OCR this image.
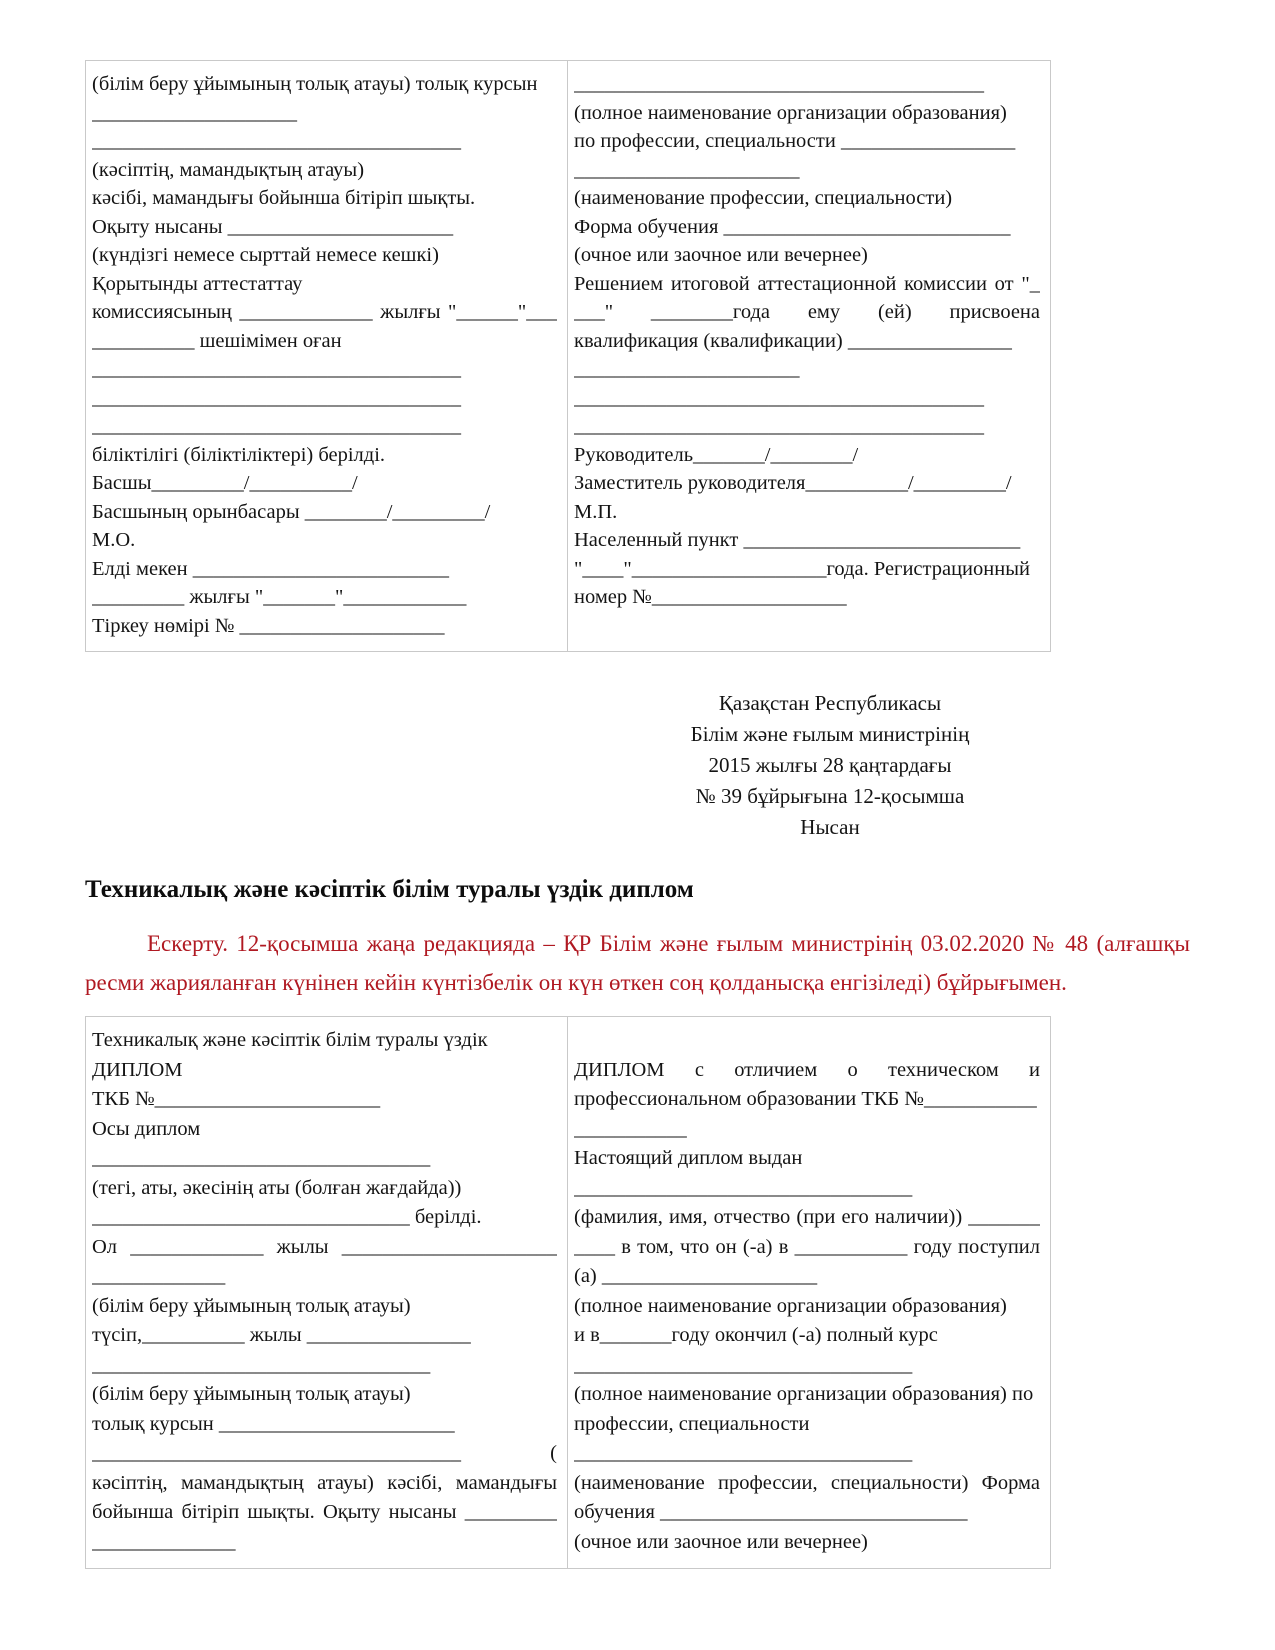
(білім беру ұйымының толық атауы) толық курсын
____________________
____________________________________
(кәсіптің, мамандықтың атауы)
кәсібі, мамандығы бойынша бітіріп шықты.
Оқыту нысаны ______________________
(күндізгі немесе сырттай немесе кешкі)
Қорытынды аттестаттау
комиссиясының _____________ жылғы "______"___
__________ шешімімен оған
____________________________________
____________________________________
____________________________________
біліктілігі (біліктіліктері) берілді.
Басшы_________/__________/
Басшының орынбасары ________/_________/
М.О.
Елді мекен _________________________
_________ жылғы "_______"____________
Тіркеу нөмірі № ____________________
________________________________________
(полное наименование организации образования)
по профессии, специальности _________________
______________________
(наименование профессии, специальности)
Форма обучения ____________________________
(очное или заочное или вечернее)
Решением итоговой аттестационной комиссии от "_
___" ________года ему (ей) присвоена
квалификация (квалификации) ________________
______________________
________________________________________
________________________________________
Руководитель_______/________/
Заместитель руководителя__________/_________/
М.П.
Населенный пункт ___________________________
"____"___________________года. Регистрационный
номер №___________________
Қазақстан Республикасы
Білім және ғылым министрінің
2015 жылғы 28 қаңтардағы
№ 39 бұйрығына 12-қосымша
Нысан
Техникалық және кәсіптік білім туралы үздік диплом
Ескерту. 12-қосымша жаңа редакцияда – ҚР Білім және ғылым министрінің 03.02.2020 № 48 (алғашқы ресми жарияланған күнінен кейін күнтізбелік он күн өткен соң қолданысқа енгізіледі) бұйрығымен.
Техникалық және кәсіптік білім туралы үздік
ДИПЛОМ
ТКБ №______________________
Осы диплом
_________________________________
(тегі, аты, әкесінің аты (болған жағдайда))
_______________________________ берілді.
Ол _____________ жылы _____________________
_____________
(білім беру ұйымының толық атауы)
түсіп,__________ жылы ________________
_________________________________
(білім беру ұйымының толық атауы)
толық курсын _______________________
____________________________________ (
кәсіптің, мамандықтың атауы) кәсібі, мамандығы
бойынша бітіріп шықты. Оқыту нысаны _________
______________

ДИПЛОМ с отличием о техническом и
профессиональном образовании ТКБ №___________
___________
Настоящий диплом выдан
_________________________________
(фамилия, имя, отчество (при его наличии)) _______
____ в том, что он (-а) в ___________ году поступил
(а) _____________________
(полное наименование организации образования)
и в_______году окончил (-а) полный курс
_________________________________
(полное наименование организации образования) по
профессии, специальности
_________________________________
(наименование профессии, специальности) Форма
обучения ______________________________
(очное или заочное или вечернее)
